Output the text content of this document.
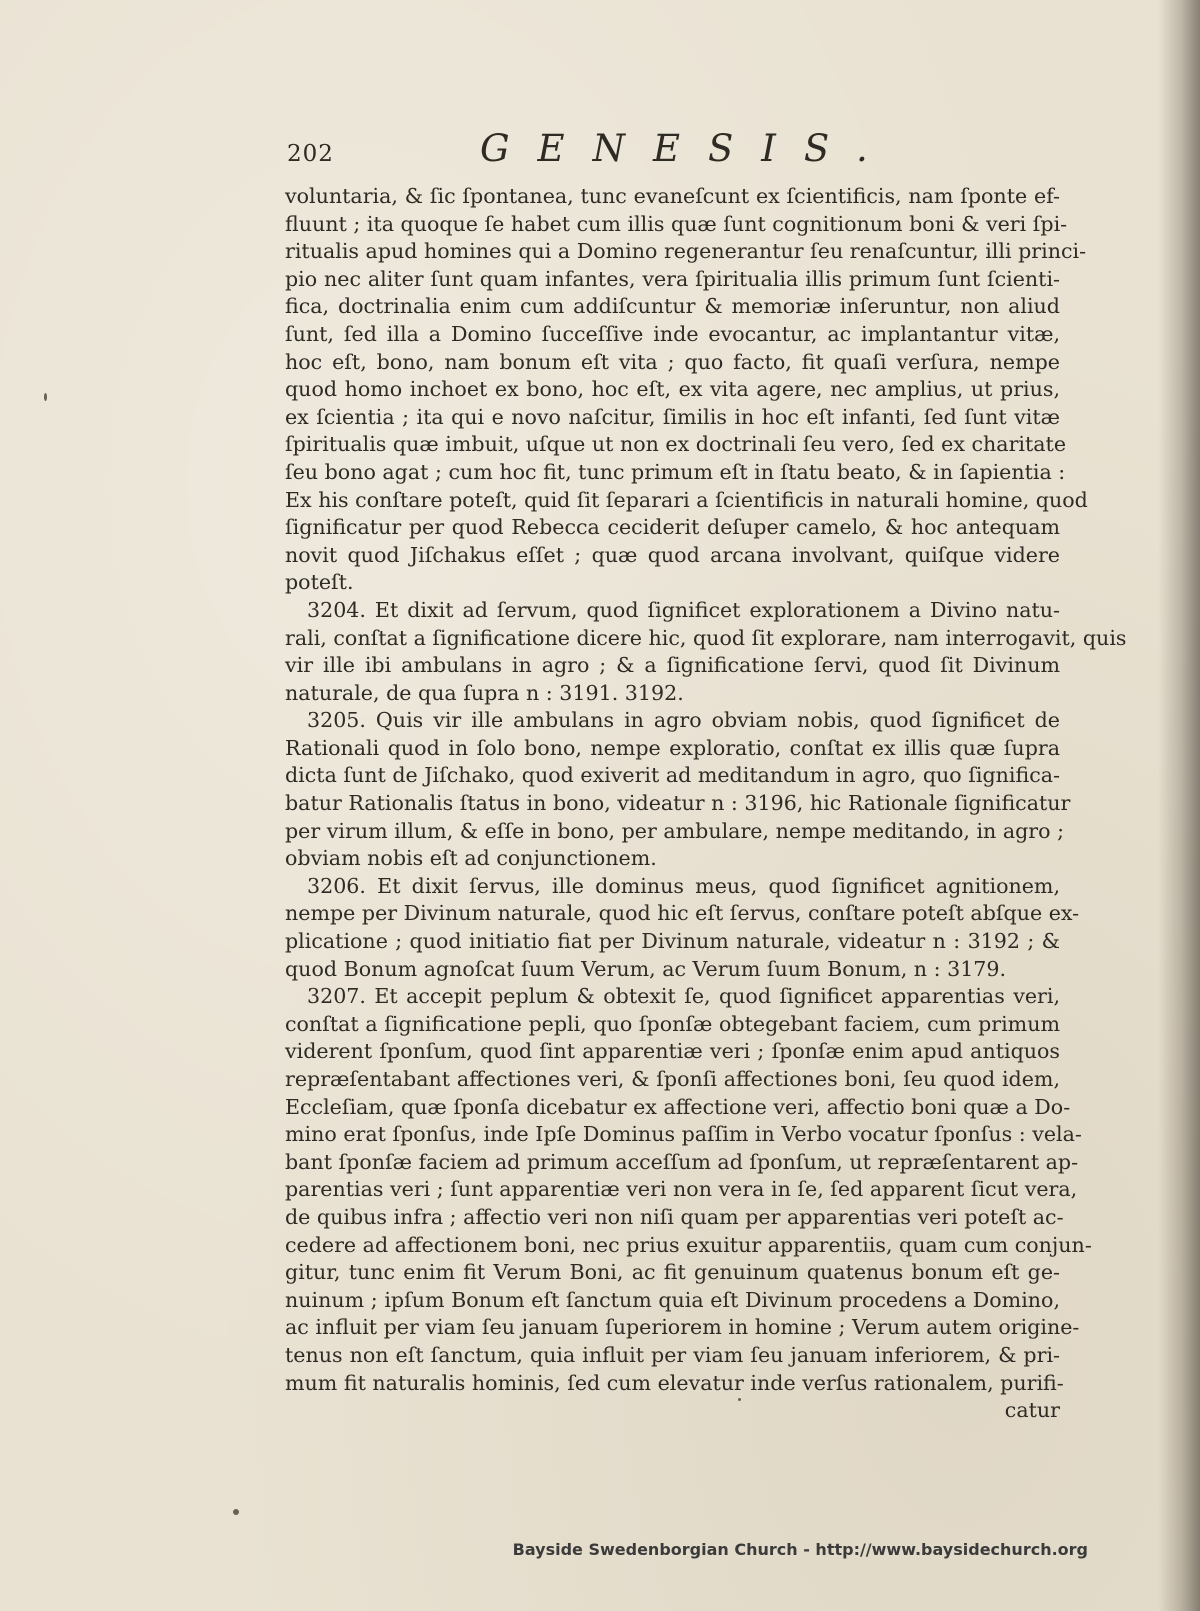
202	GENESIS.
voluntaria, & ſic ſpontanea, tunc evaneſcunt ex ſcientificis, nam ſponte ef-
fluunt ; ita quoque ſe habet cum illis quæ ſunt cognitionum boni & veri ſpi-
ritualis apud homines qui a Domino regenerantur ſeu renaſcuntur, illi princi-
pio nec aliter ſunt quam infantes, vera ſpiritualia illis primum ſunt ſcienti-
fica, doctrinalia enim cum addiſcuntur & memoriæ inſeruntur, non aliud
ſunt, ſed illa a Domino ſucceſſive inde evocantur, ac implantantur vitæ,
hoc eſt, bono, nam bonum eſt vita ; quo facto, fit quaſi verſura, nempe
quod homo inchoet ex bono, hoc eſt, ex vita agere, nec amplius, ut prius,
ex ſcientia ; ita qui e novo naſcitur, ſimilis in hoc eſt infanti, ſed ſunt vitæ
ſpiritualis quæ imbuit, uſque ut non ex doctrinali ſeu vero, ſed ex charitate
ſeu bono agat ; cum hoc fit, tunc primum eſt in ſtatu beato, & in ſapientia :
Ex his conſtare poteſt, quid ſit ſeparari a ſcientificis in naturali homine, quod
ſignificatur per quod Rebecca ceciderit deſuper camelo, & hoc antequam
novit quod Jiſchakus eſſet ; quæ quod arcana involvant, quiſque videre
poteſt.
3204. Et dixit ad ſervum, quod ſignificet explorationem a Divino natu-
rali, conſtat a ſignificatione dicere hic, quod ſit explorare, nam interrogavit, quis
vir ille ibi ambulans in agro ; & a ſignificatione ſervi, quod ſit Divinum
naturale, de qua ſupra n : 3191. 3192.
3205. Quis vir ille ambulans in agro obviam nobis, quod ſignificet de
Rationali quod in ſolo bono, nempe exploratio, conſtat ex illis quæ ſupra
dicta ſunt de Jiſchako, quod exiverit ad meditandum in agro, quo ſignifica-
batur Rationalis ſtatus in bono, videatur n : 3196, hic Rationale ſignificatur
per virum illum, & eſſe in bono, per ambulare, nempe meditando, in agro ;
obviam nobis eſt ad conjunctionem.
3206. Et dixit ſervus, ille dominus meus, quod ſignificet agnitionem,
nempe per Divinum naturale, quod hic eſt ſervus, conſtare poteſt abſque ex-
plicatione ; quod initiatio fiat per Divinum naturale, videatur n : 3192 ; &
quod Bonum agnoſcat ſuum Verum, ac Verum ſuum Bonum, n : 3179.
3207. Et accepit peplum & obtexit ſe, quod ſignificet apparentias veri,
conſtat a ſignificatione pepli, quo ſponſæ obtegebant faciem, cum primum
viderent ſponſum, quod ſint apparentiæ veri ; ſponſæ enim apud antiquos
repræſentabant affectiones veri, & ſponſi affectiones boni, ſeu quod idem,
Eccleſiam, quæ ſponſa dicebatur ex affectione veri, affectio boni quæ a Do-
mino erat ſponſus, inde Ipſe Dominus paſſim in Verbo vocatur ſponſus : vela-
bant ſponſæ faciem ad primum acceſſum ad ſponſum, ut repræſentarent ap-
parentias veri ; ſunt apparentiæ veri non vera in ſe, ſed apparent ſicut vera,
de quibus infra ; affectio veri non niſi quam per apparentias veri poteſt ac-
cedere ad affectionem boni, nec prius exuitur apparentiis, quam cum conjun-
gitur, tunc enim fit Verum Boni, ac fit genuinum quatenus bonum eſt ge-
nuinum ; ipſum Bonum eſt ſanctum quia eſt Divinum procedens a Domino,
ac influit per viam ſeu januam ſuperiorem in homine ; Verum autem origine-
tenus non eſt ſanctum, quia influit per viam ſeu januam inferiorem, & pri-
mum fit naturalis hominis, ſed cum elevatur inde verſus rationalem, purifi-
catur
Bayside Swedenborgian Church - http://www.baysidechurch.org
